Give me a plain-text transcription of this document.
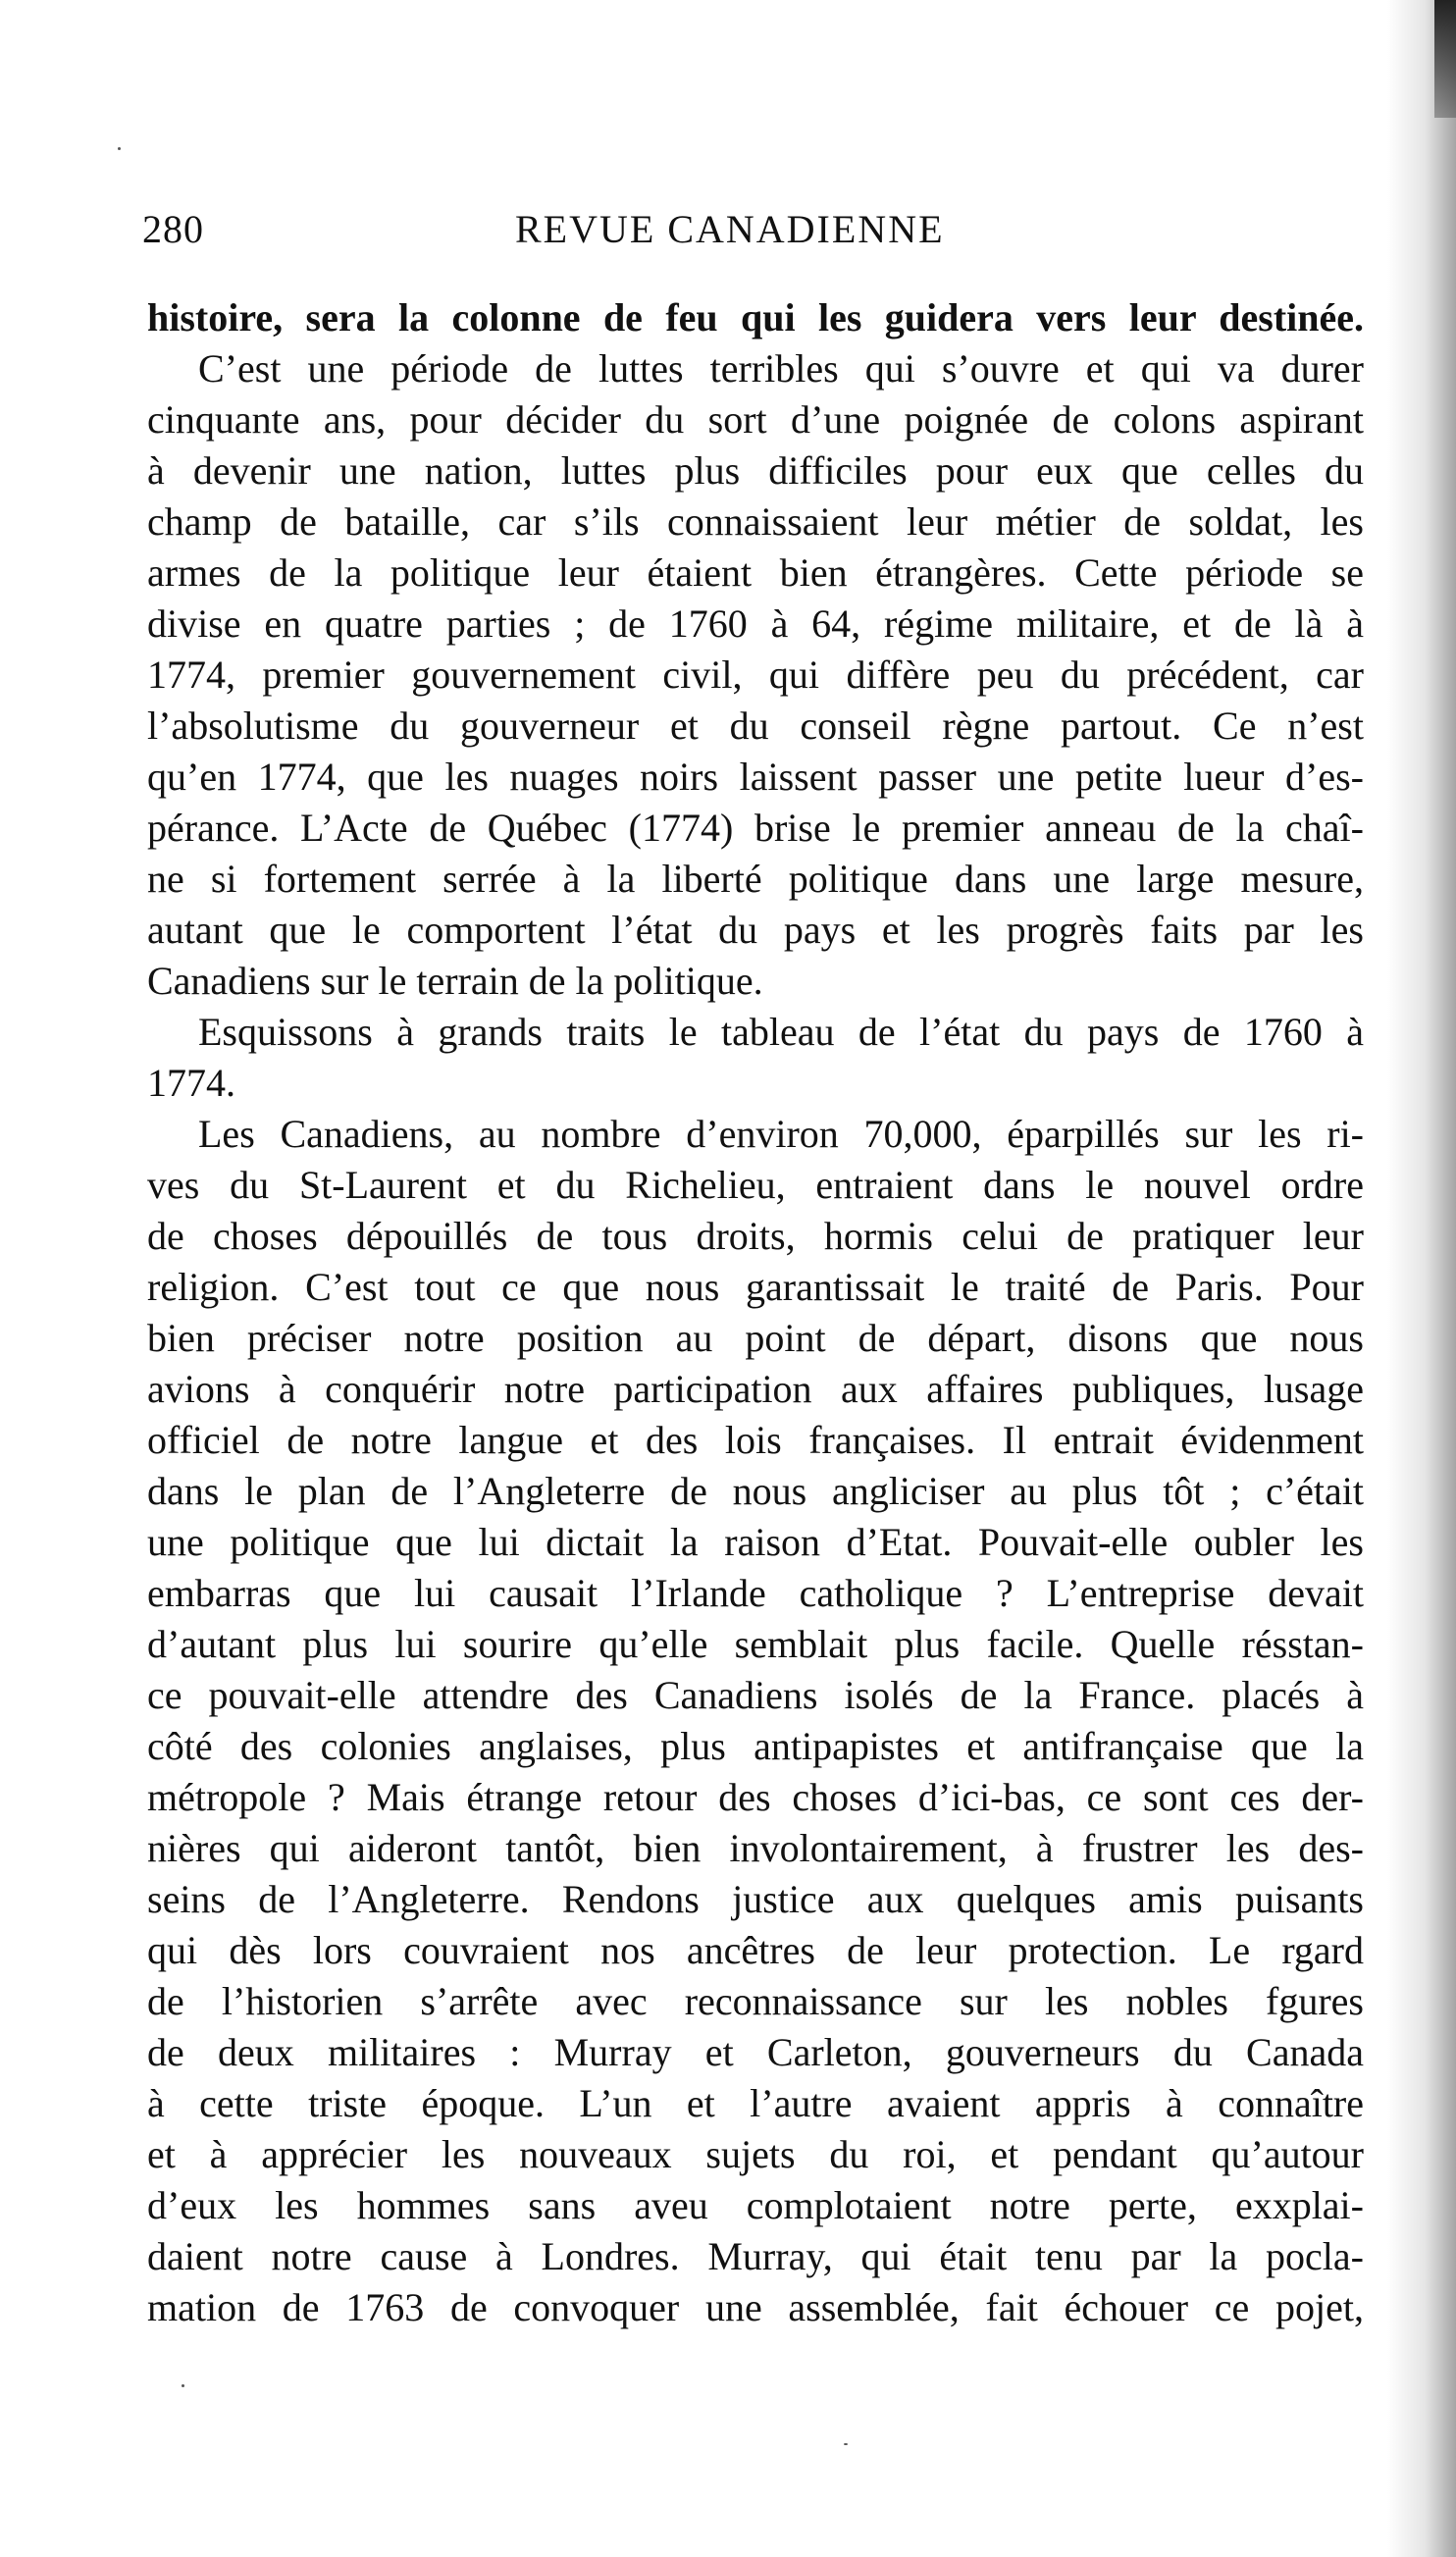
280	REVUE CANADIENNE
histoire, sera la colonne de feu qui les guidera vers leur destinée.
C’est une période de luttes terribles qui s’ouvre et qui va durer
cinquante ans, pour décider du sort d’une poignée de colons aspirant
à devenir une nation, luttes plus difficiles pour eux que celles du
champ de bataille, car s’ils connaissaient leur métier de soldat, les
armes de la politique leur étaient bien étrangères. Cette période se
divise en quatre parties ; de 1760 à 64, régime militaire, et de là à
1774, premier gouvernement civil, qui diffère peu du précédent, car
l’absolutisme du gouverneur et du conseil règne partout. Ce n’est
qu’en 1774, que les nuages noirs laissent passer une petite lueur d’es-
pérance. L’Acte de Québec (1774) brise le premier anneau de la chaî-
ne si fortement serrée à la liberté politique dans une large mesure,
autant que le comportent l’état du pays et les progrès faits par les
Canadiens sur le terrain de la politique.
Esquissons à grands traits le tableau de l’état du pays de 1760 à
1774.
Les Canadiens, au nombre d’environ 70,000, éparpillés sur les ri-
ves du St-Laurent et du Richelieu, entraient dans le nouvel ordre
de choses dépouillés de tous droits, hormis celui de pratiquer leur
religion. C’est tout ce que nous garantissait le traité de Paris. Pour
bien préciser notre position au point de départ, disons que nous
avions à conquérir notre participation aux affaires publiques, lusage
officiel de notre langue et des lois françaises. Il entrait évidenment
dans le plan de l’Angleterre de nous angliciser au plus tôt ; c’était
une politique que lui dictait la raison d’Etat. Pouvait-elle oubler les
embarras que lui causait l’Irlande catholique ? L’entreprise devait
d’autant plus lui sourire qu’elle semblait plus facile. Quelle résstan-
ce pouvait-elle attendre des Canadiens isolés de la France. placés à
côté des colonies anglaises, plus antipapistes et antifrançaise que la
métropole ? Mais étrange retour des choses d’ici-bas, ce sont ces der-
nières qui aideront tantôt, bien involontairement, à frustrer les des-
seins de l’Angleterre. Rendons justice aux quelques amis puisants
qui dès lors couvraient nos ancêtres de leur protection. Le rgard
de l’historien s’arrête avec reconnaissance sur les nobles fgures
de deux militaires : Murray et Carleton, gouverneurs du Canada
à cette triste époque. L’un et l’autre avaient appris à connaître
et à apprécier les nouveaux sujets du roi, et pendant qu’autour
d’eux les hommes sans aveu complotaient notre perte, exxplai-
daient notre cause à Londres. Murray, qui était tenu par la pocla-
mation de 1763 de convoquer une assemblée, fait échouer ce pojet,
